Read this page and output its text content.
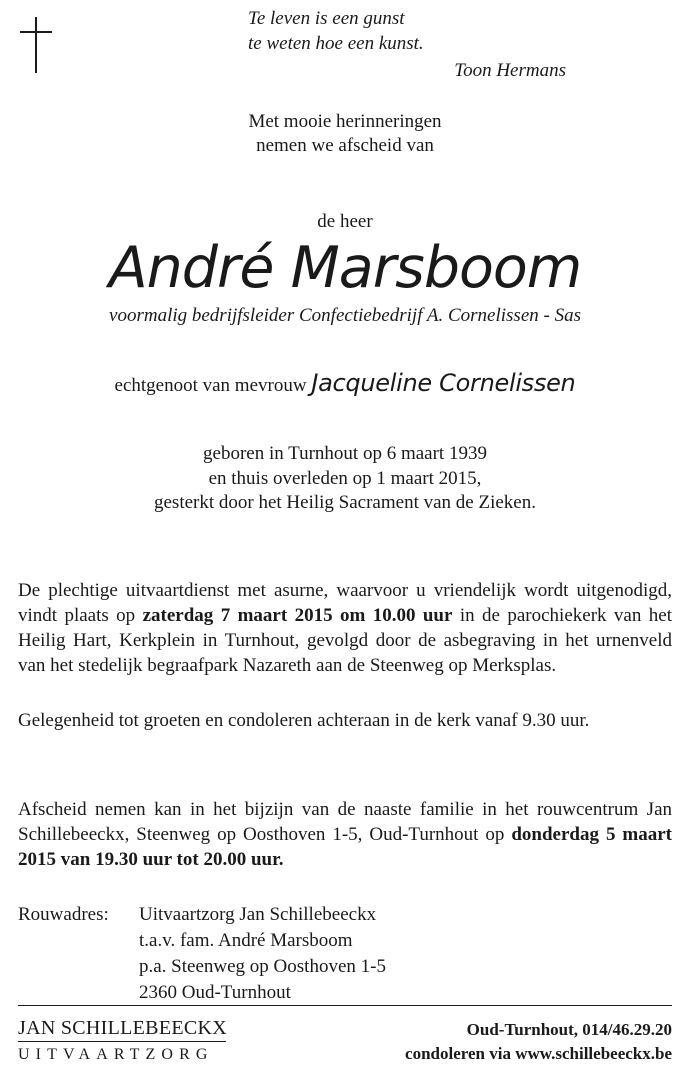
Te leven is een gunst
te weten hoe een kunst.
Toon Hermans
Met mooie herinneringen
nemen we afscheid van
de heer
André Marsboom
voormalig bedrijfsleider Confectiebedrijf A. Cornelissen - Sas
echtgenoot van mevrouw Jacqueline Cornelissen
geboren in Turnhout op 6 maart 1939
en thuis overleden op 1 maart 2015,
gesterkt door het Heilig Sacrament van de Zieken.
De plechtige uitvaartdienst met asurne, waarvoor u vriendelijk wordt uitgenodigd, vindt plaats op zaterdag 7 maart 2015 om 10.00 uur in de parochiekerk van het Heilig Hart, Kerkplein in Turnhout, gevolgd door de asbegraving in het urnenveld van het stedelijk begraafpark Nazareth aan de Steenweg op Merksplas.
Gelegenheid tot groeten en condoleren achteraan in de kerk vanaf 9.30 uur.
Afscheid nemen kan in het bijzijn van de naaste familie in het rouwcentrum Jan Schillebeeckx, Steenweg op Oosthoven 1-5, Oud-Turnhout op donderdag 5 maart 2015 van 19.30 uur tot 20.00 uur.
Rouwadres: Uitvaartzorg Jan Schillebeeckx
t.a.v. fam. André Marsboom
p.a. Steenweg op Oosthoven 1-5
2360 Oud-Turnhout
JAN SCHILLEBEECKX
UITVAARTZORG
Oud-Turnhout, 014/46.29.20
condoleren via www.schillebeeckx.be
